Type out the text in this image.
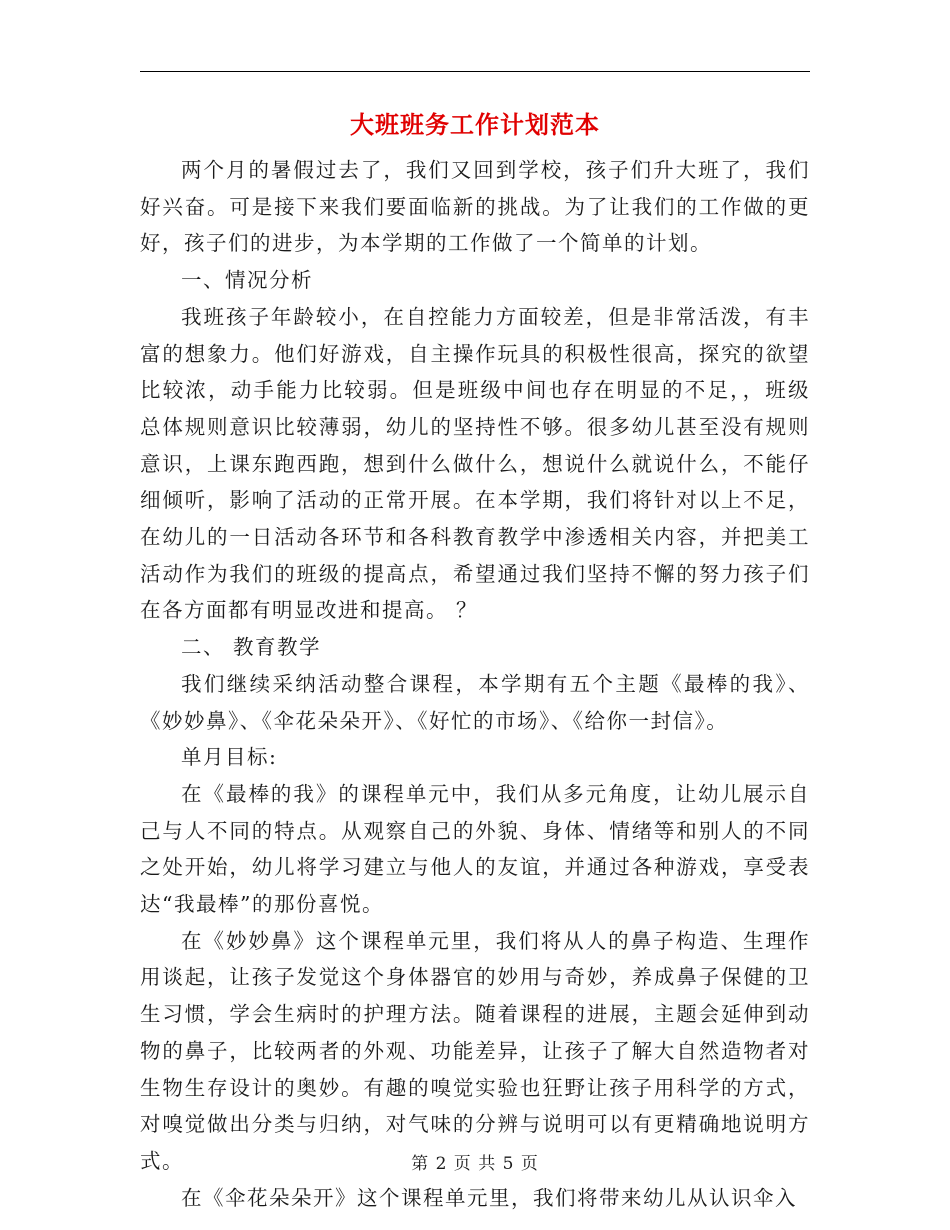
大班班务工作计划范本

两个月的暑假过去了，我们又回到学校，孩子们升大班了，我们好兴奋。可是接下来我们要面临新的挑战。为了让我们的工作做的更好，孩子们的进步，为本学期的工作做了一个简单的计划。

一、情况分析

我班孩子年龄较小，在自控能力方面较差，但是非常活泼，有丰富的想象力。他们好游戏，自主操作玩具的积极性很高，探究的欲望比较浓，动手能力比较弱。但是班级中间也存在明显的不足，，班级总体规则意识比较薄弱，幼儿的坚持性不够。很多幼儿甚至没有规则意识，上课东跑西跑，想到什么做什么，想说什么就说什么，不能仔细倾听，影响了活动的正常开展。在本学期，我们将针对以上不足，在幼儿的一日活动各环节和各科教育教学中渗透相关内容，并把美工活动作为我们的班级的提高点，希望通过我们坚持不懈的努力孩子们在各方面都有明显改进和提高。 ？

二、 教育教学

我们继续采纳活动整合课程，本学期有五个主题《最棒的我》、《妙妙鼻》、《伞花朵朵开》、《好忙的市场》、《给你一封信》。

单月目标:

在《最棒的我》的课程单元中，我们从多元角度，让幼儿展示自己与人不同的特点。从观察自己的外貌、身体、情绪等和别人的不同之处开始，幼儿将学习建立与他人的友谊，并通过各种游戏，享受表达“我最棒”的那份喜悦。

在《妙妙鼻》这个课程单元里，我们将从人的鼻子构造、生理作用谈起，让孩子发觉这个身体器官的妙用与奇妙，养成鼻子保健的卫生习惯，学会生病时的护理方法。随着课程的进展，主题会延伸到动物的鼻子，比较两者的外观、功能差异，让孩子了解大自然造物者对生物生存设计的奥妙。有趣的嗅觉实验也狂野让孩子用科学的方式，对嗅觉做出分类与归纳，对气味的分辨与说明可以有更精确地说明方式。

在《伞花朵朵开》这个课程单元里，我们将带来幼儿从认识伞入

第 2 页 共 5 页
